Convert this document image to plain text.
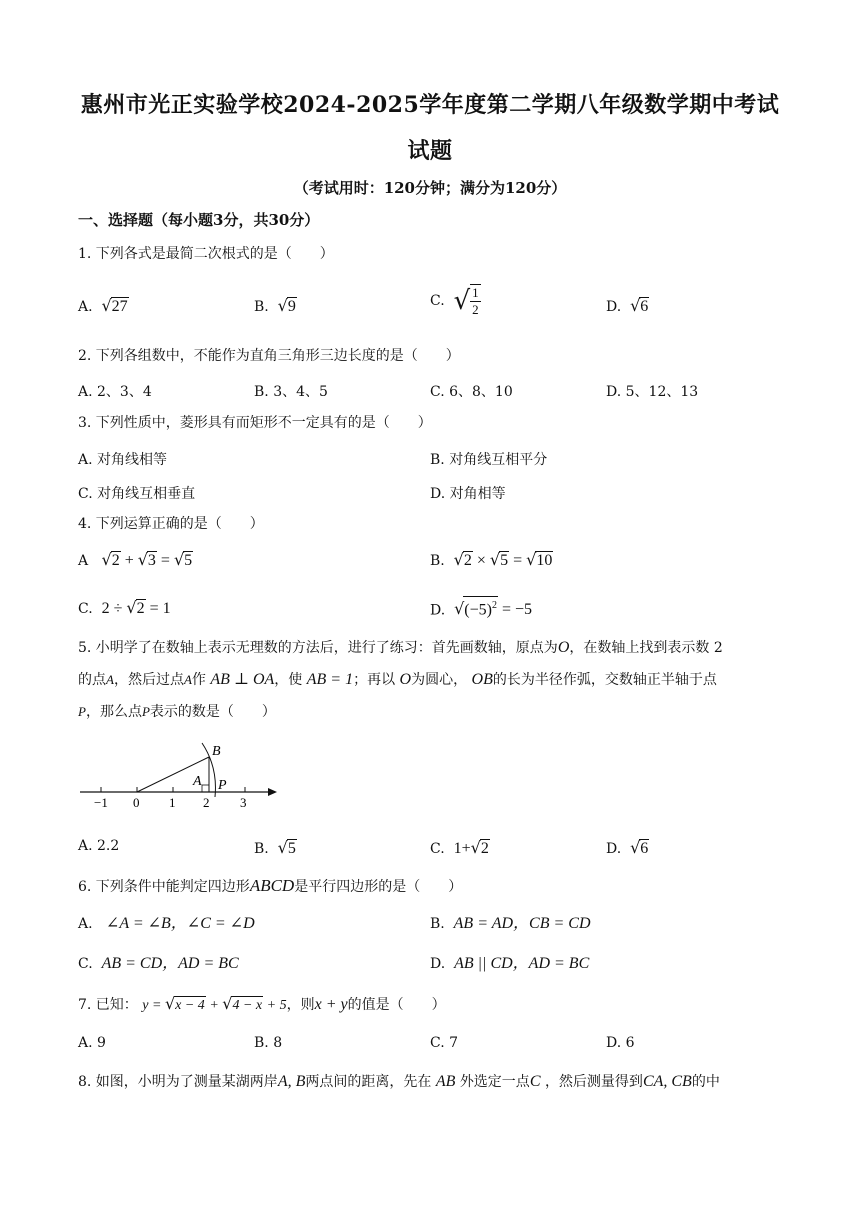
惠州市光正实验学校2024-2025学年度第二学期八年级数学期中考试
试题
（考试用时：120分钟；满分为120分）
一、选择题（每小题3分，共30分）
1. 下列各式是最简二次根式的是（　　）
A. √27	B. √9	C. √ $\frac{1}{2}$	D. √6
2. 下列各组数中，不能作为直角三角形三边长度的是（　　）
A. 2、3、4	B. 3、4、5	C. 6、8、10	D. 5、12、13
3. 下列性质中，菱形具有而矩形不一定具有的是（　　）
A. 对角线相等	B. 对角线互相平分
C. 对角线互相垂直	D. 对角相等
4. 下列运算正确的是（　　）
A √2 + √3 = √5	B. √2 × √5 = √10
C. 2 ÷ √2 = 1	D. $√(-5)^2 = -5$
5. 小明学了在数轴上表示无理数的方法后，进行了练习：首先画数轴，原点为O，在数轴上找到表示数 2
的点A，然后过点A作 AB ⊥ OA，使 AB = 1；再以 O为圆心， OB的长为半径作弧，交数轴正半轴于点
P，那么点P表示的数是（　　）
−1 0 1 2 3
B
A P
A. 2.2	B. √5	C. 1+√2	D. √6
6. 下列条件中能判定四边形ABCD是平行四边形的是（　　）
A. ∠A = ∠B，∠C = ∠D	B. AB = AD，CB = CD
C. AB = CD，AD = BC	D. AB || CD，AD = BC
7. 已知： y = √x − 4 + √4 − x + 5，则x + y的值是（　　）
A. 9	B. 8	C. 7	D. 6
8. 如图，小明为了测量某湖两岸A, B两点间的距离，先在 AB 外选定一点C ，然后测量得到CA, CB的中
